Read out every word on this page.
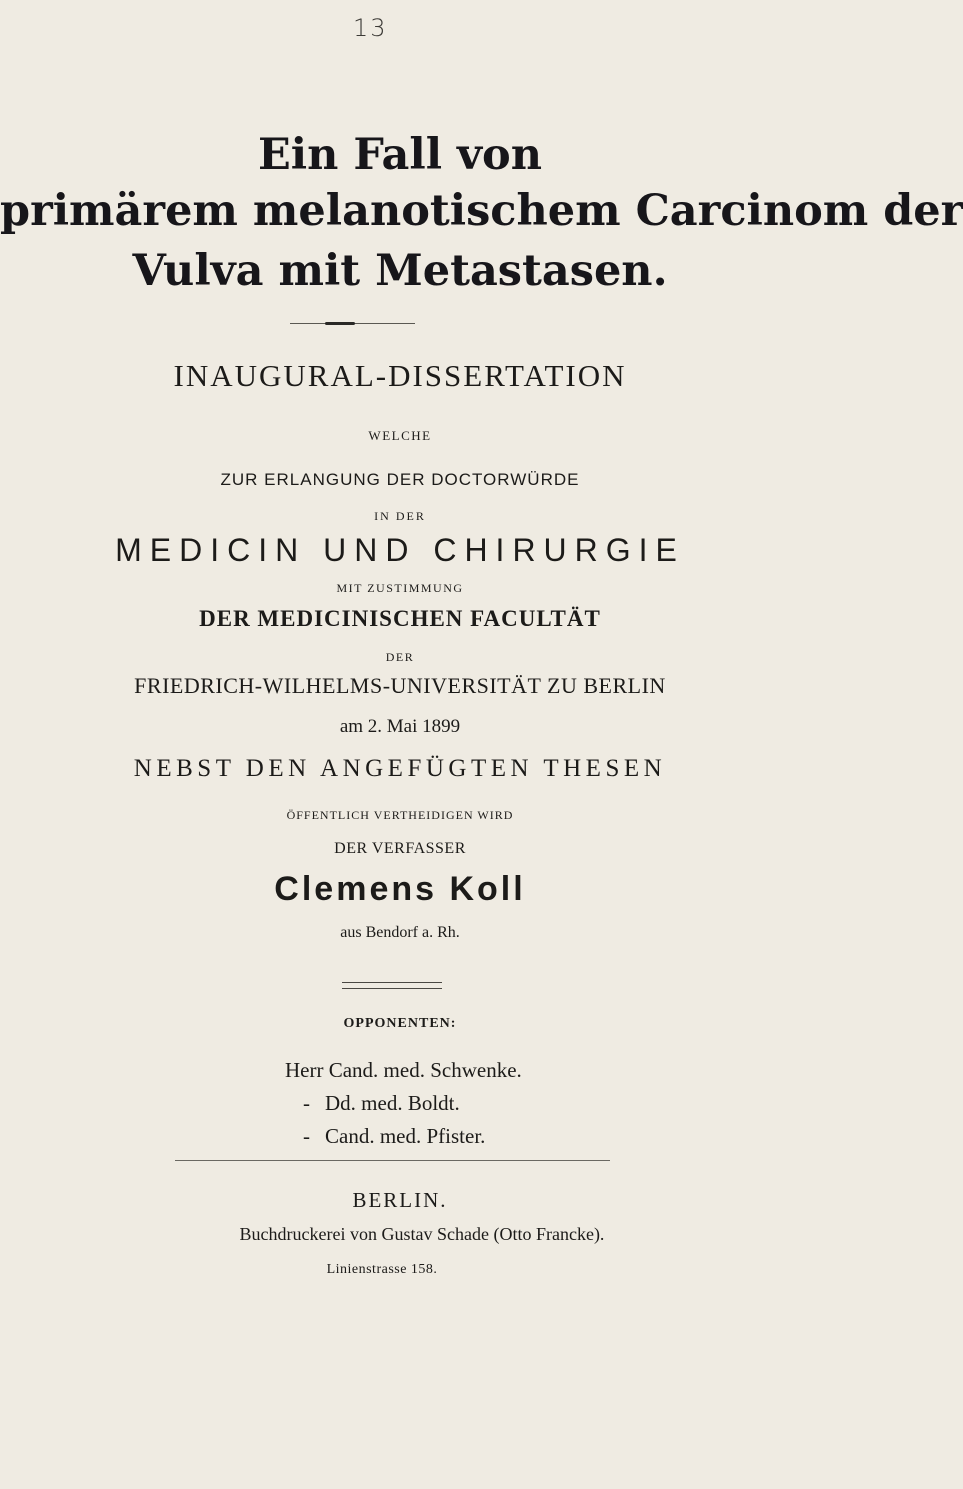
13
Ein Fall von
primärem melanotischem Carcinom der
Vulva mit Metastasen.
INAUGURAL-DISSERTATION
WELCHE
ZUR ERLANGUNG DER DOCTORWÜRDE
IN DER
MEDICIN UND CHIRURGIE
MIT ZUSTIMMUNG
DER MEDICINISCHEN FACULTÄT
DER
FRIEDRICH-WILHELMS-UNIVERSITÄT ZU BERLIN
am 2. Mai 1899
NEBST DEN ANGEFÜGTEN THESEN
ÖFFENTLICH VERTHEIDIGEN WIRD
DER VERFASSER
Clemens Koll
aus Bendorf a. Rh.
OPPONENTEN:
Herr Cand. med. Schwenke.
- Dd. med. Boldt.
- Cand. med. Pfister.
BERLIN.
Buchdruckerei von Gustav Schade (Otto Francke).
Linienstrasse 158.
